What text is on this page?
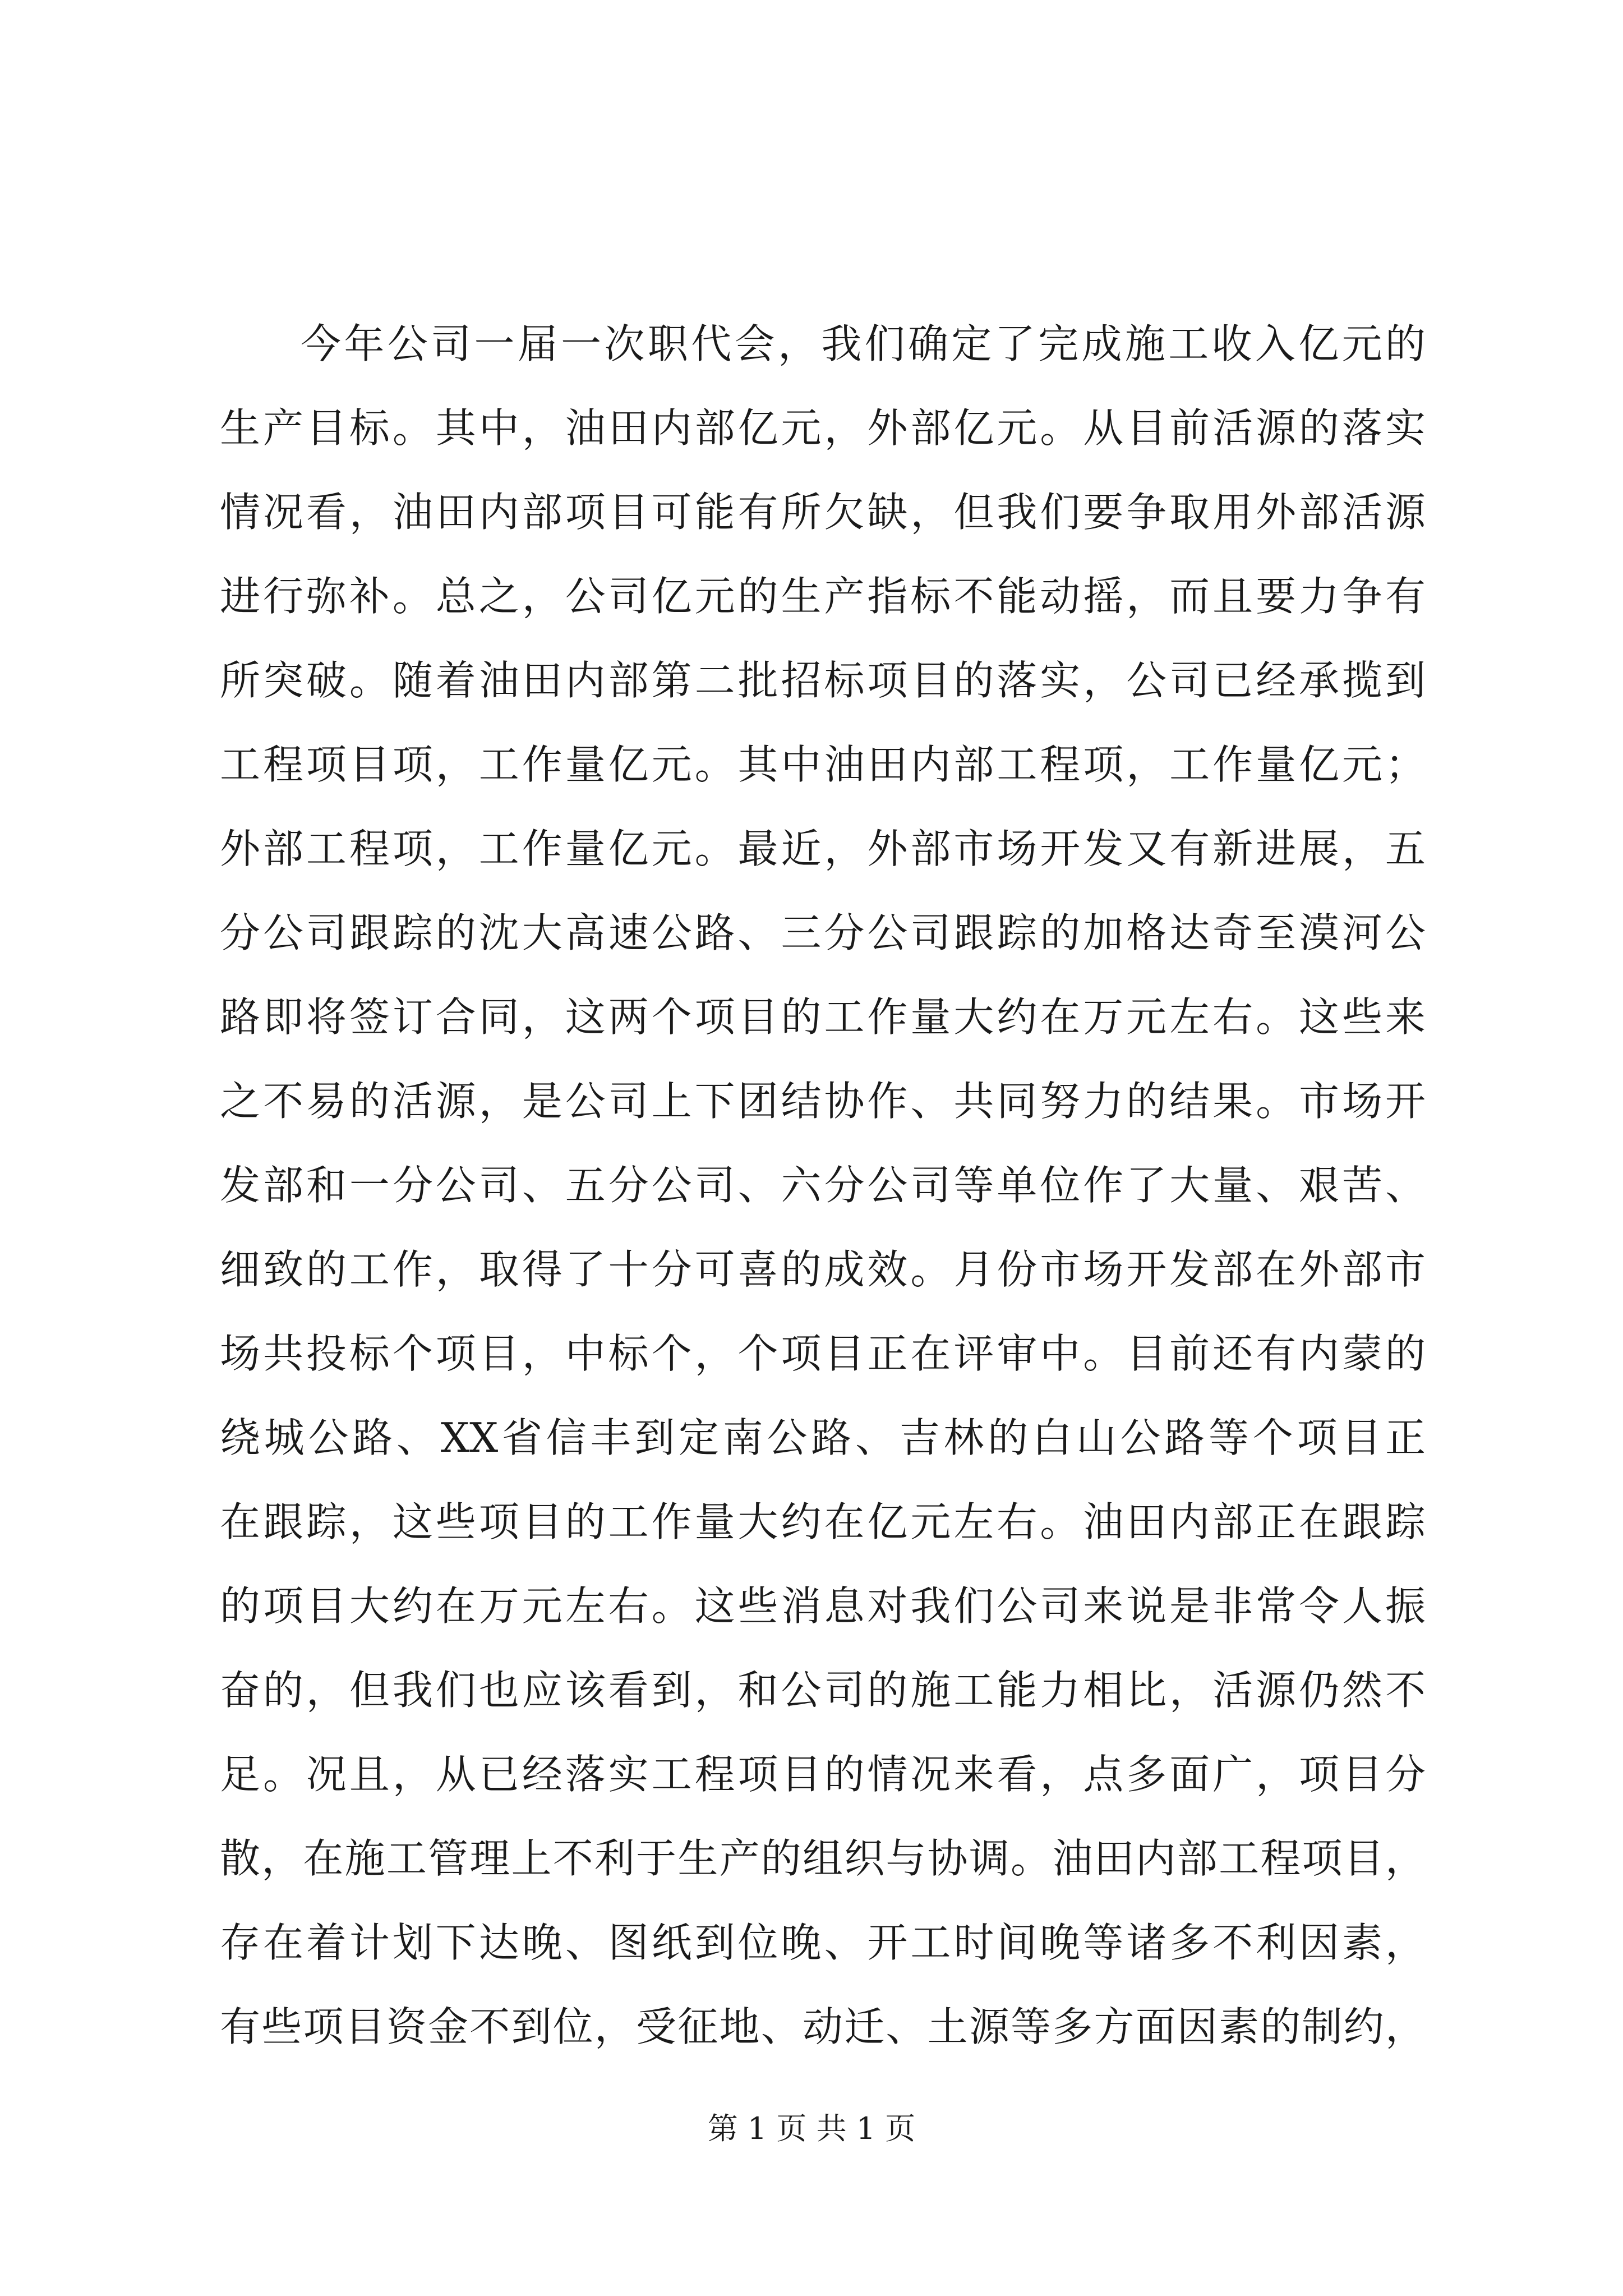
今年公司一届一次职代会，我们确定了完成施工收入亿元的
生产目标。其中，油田内部亿元，外部亿元。从目前活源的落实
情况看，油田内部项目可能有所欠缺，但我们要争取用外部活源
进行弥补。总之，公司亿元的生产指标不能动摇，而且要力争有
所突破。随着油田内部第二批招标项目的落实，公司已经承揽到
工程项目项，工作量亿元。其中油田内部工程项，工作量亿元；
外部工程项，工作量亿元。最近，外部市场开发又有新进展，五
分公司跟踪的沈大高速公路、三分公司跟踪的加格达奇至漠河公
路即将签订合同，这两个项目的工作量大约在万元左右。这些来
之不易的活源，是公司上下团结协作、共同努力的结果。市场开
发部和一分公司、五分公司、六分公司等单位作了大量、艰苦、
细致的工作，取得了十分可喜的成效。月份市场开发部在外部市
场共投标个项目，中标个，个项目正在评审中。目前还有内蒙的
绕城公路、XX省信丰到定南公路、吉林的白山公路等个项目正
在跟踪，这些项目的工作量大约在亿元左右。油田内部正在跟踪
的项目大约在万元左右。这些消息对我们公司来说是非常令人振
奋的，但我们也应该看到，和公司的施工能力相比，活源仍然不
足。况且，从已经落实工程项目的情况来看，点多面广，项目分
散，在施工管理上不利于生产的组织与协调。油田内部工程项目，
存在着计划下达晚、图纸到位晚、开工时间晚等诸多不利因素，
有些项目资金不到位，受征地、动迁、土源等多方面因素的制约，
第 1 页 共 1 页
